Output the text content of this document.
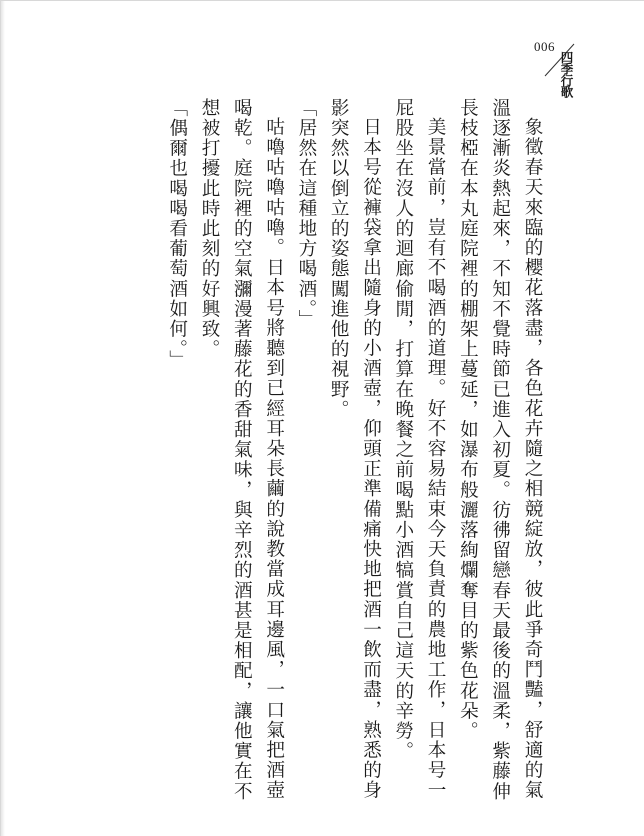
006
四季行歌

象徵春天來臨的櫻花落盡，各色花卉隨之相競綻放，彼此爭奇鬥豔，舒適的氣溫逐漸炎熱起來，不知不覺時節已進入初夏。彷彿留戀春天最後的溫柔，紫藤伸長枝椏在本丸庭院裡的棚架上蔓延，如瀑布般灑落絢爛奪目的紫色花朵。

美景當前，豈有不喝酒的道理。好不容易結束今天負責的農地工作，日本号一屁股坐在沒人的迴廊偷閒，打算在晚餐之前喝點小酒犒賞自己這天的辛勞。

日本号從褲袋拿出隨身的小酒壺，仰頭正準備痛快地把酒一飲而盡，熟悉的身影突然以倒立的姿態闖進他的視野。

「居然在這種地方喝酒。」

咕嚕咕嚕咕嚕。日本号將聽到已經耳朵長繭的說教當成耳邊風，一口氣把酒壺喝乾。庭院裡的空氣瀰漫著藤花的香甜氣味，與辛烈的酒甚是相配，讓他實在不想被打擾此時此刻的好興致。

「偶爾也喝喝看葡萄酒如何。」
